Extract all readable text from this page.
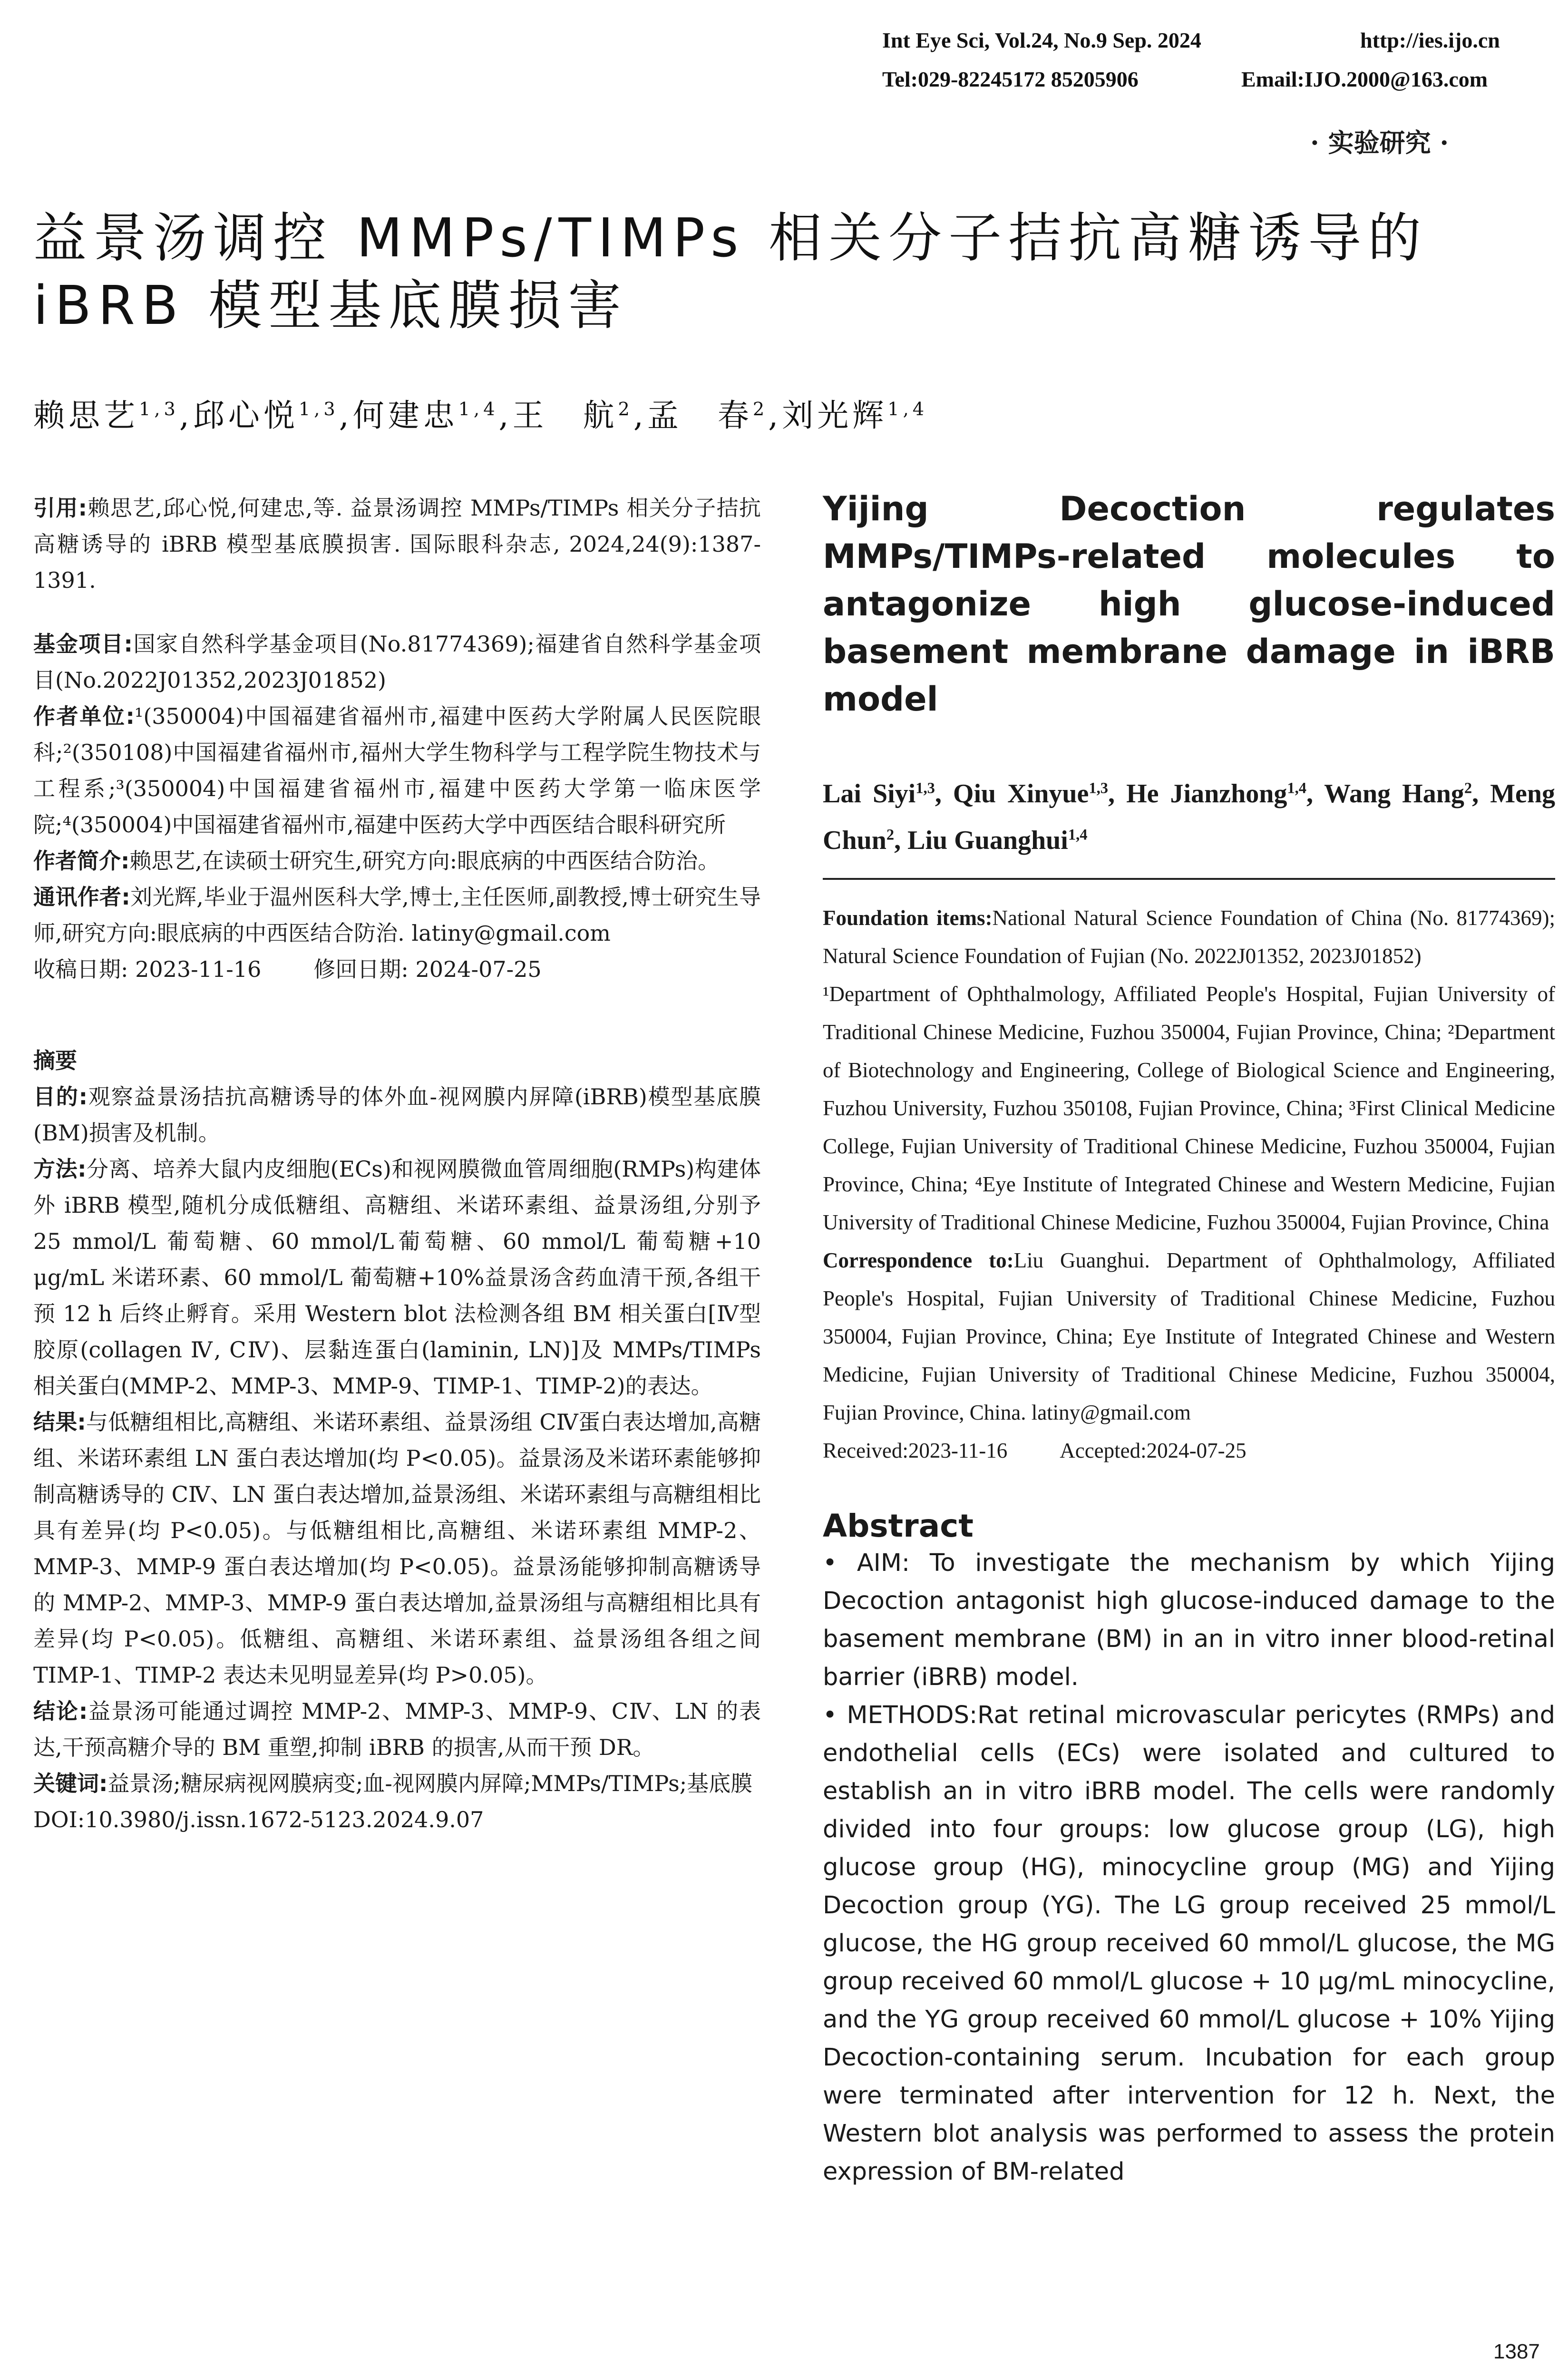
Int Eye Sci, Vol.24, No.9 Sep. 2024	http://ies.ijo.cn
Tel:029-82245172 85205906	Email:IJO.2000@163.com
· 实验研究 ·
益景汤调控 MMPs/TIMPs 相关分子拮抗高糖诱导的 iBRB 模型基底膜损害
赖思艺$^{1,3}$,邱心悦$^{1,3}$,何建忠$^{1,4}$,王　航$^2$,孟　春$^2$,刘光辉$^{1,4}$

引用:赖思艺,邱心悦,何建忠,等. 益景汤调控 MMPs/TIMPs 相关分子拮抗高糖诱导的 iBRB 模型基底膜损害. 国际眼科杂志, 2024,24(9):1387-1391.

基金项目:国家自然科学基金项目(No.81774369);福建省自然科学基金项目(No.2022J01352,2023J01852)

作者单位:¹(350004)中国福建省福州市,福建中医药大学附属人民医院眼科;²(350108)中国福建省福州市,福州大学生物科学与工程学院生物技术与工程系;³(350004)中国福建省福州市,福建中医药大学第一临床医学院;⁴(350004)中国福建省福州市,福建中医药大学中西医结合眼科研究所

作者简介:赖思艺,在读硕士研究生,研究方向:眼底病的中西医结合防治。

通讯作者:刘光辉,毕业于温州医科大学,博士,主任医师,副教授,博士研究生导师,研究方向:眼底病的中西医结合防治. latiny@gmail.com

收稿日期: 2023-11-16 修回日期: 2024-07-25

摘要

目的:观察益景汤拮抗高糖诱导的体外血-视网膜内屏障(iBRB)模型基底膜(BM)损害及机制。

方法:分离、培养大鼠内皮细胞(ECs)和视网膜微血管周细胞(RMPs)构建体外 iBRB 模型,随机分成低糖组、高糖组、米诺环素组、益景汤组,分别予 25 mmol/L 葡萄糖、60 mmol/L葡萄糖、60 mmol/L 葡萄糖+10 μg/mL 米诺环素、60 mmol/L 葡萄糖+10%益景汤含药血清干预,各组干预 12 h 后终止孵育。采用 Western blot 法检测各组 BM 相关蛋白[Ⅳ型胶原(collagen Ⅳ, CⅣ)、层黏连蛋白(laminin, LN)]及 MMPs/TIMPs 相关蛋白(MMP-2、MMP-3、MMP-9、TIMP-1、TIMP-2)的表达。

结果:与低糖组相比,高糖组、米诺环素组、益景汤组 CⅣ蛋白表达增加,高糖组、米诺环素组 LN 蛋白表达增加(均 P<0.05)。益景汤及米诺环素能够抑制高糖诱导的 CⅣ、LN 蛋白表达增加,益景汤组、米诺环素组与高糖组相比具有差异(均 P<0.05)。与低糖组相比,高糖组、米诺环素组 MMP-2、MMP-3、MMP-9 蛋白表达增加(均 P<0.05)。益景汤能够抑制高糖诱导的 MMP-2、MMP-3、MMP-9 蛋白表达增加,益景汤组与高糖组相比具有差异(均 P<0.05)。低糖组、高糖组、米诺环素组、益景汤组各组之间 TIMP-1、TIMP-2 表达未见明显差异(均 P>0.05)。

结论:益景汤可能通过调控 MMP-2、MMP-3、MMP-9、CⅣ、LN 的表达,干预高糖介导的 BM 重塑,抑制 iBRB 的损害,从而干预 DR。

关键词:益景汤;糖尿病视网膜病变;血-视网膜内屏障;MMPs/TIMPs;基底膜

DOI:10.3980/j.issn.1672-5123.2024.9.07

Yijing Decoction regulates MMPs/TIMPs-related molecules to antagonize high glucose-induced basement membrane damage in iBRB model
Lai Siyi$^{1,3}$, Qiu Xinyue$^{1,3}$, He Jianzhong$^{1,4}$, Wang Hang$^2$, Meng Chun$^2$, Liu Guanghui$^{1,4}$

Foundation items:National Natural Science Foundation of China (No. 81774369); Natural Science Foundation of Fujian (No. 2022J01352, 2023J01852)

¹Department of Ophthalmology, Affiliated People's Hospital, Fujian University of Traditional Chinese Medicine, Fuzhou 350004, Fujian Province, China; ²Department of Biotechnology and Engineering, College of Biological Science and Engineering, Fuzhou University, Fuzhou 350108, Fujian Province, China; ³First Clinical Medicine College, Fujian University of Traditional Chinese Medicine, Fuzhou 350004, Fujian Province, China; ⁴Eye Institute of Integrated Chinese and Western Medicine, Fujian University of Traditional Chinese Medicine, Fuzhou 350004, Fujian Province, China

Correspondence to:Liu Guanghui. Department of Ophthalmology, Affiliated People's Hospital, Fujian University of Traditional Chinese Medicine, Fuzhou 350004, Fujian Province, China; Eye Institute of Integrated Chinese and Western Medicine, Fujian University of Traditional Chinese Medicine, Fuzhou 350004, Fujian Province, China. latiny@gmail.com

Received:2023-11-16 Accepted:2024-07-25

Abstract

• AIM: To investigate the mechanism by which Yijing Decoction antagonist high glucose-induced damage to the basement membrane (BM) in an in vitro inner blood-retinal barrier (iBRB) model.

• METHODS:Rat retinal microvascular pericytes (RMPs) and endothelial cells (ECs) were isolated and cultured to establish an in vitro iBRB model. The cells were randomly divided into four groups: low glucose group (LG), high glucose group (HG), minocycline group (MG) and Yijing Decoction group (YG). The LG group received 25 mmol/L glucose, the HG group received 60 mmol/L glucose, the MG group received 60 mmol/L glucose + 10 μg/mL minocycline, and the YG group received 60 mmol/L glucose + 10% Yijing Decoction-containing serum. Incubation for each group were terminated after intervention for 12 h. Next, the Western blot analysis was performed to assess the protein expression of BM-related

1387
